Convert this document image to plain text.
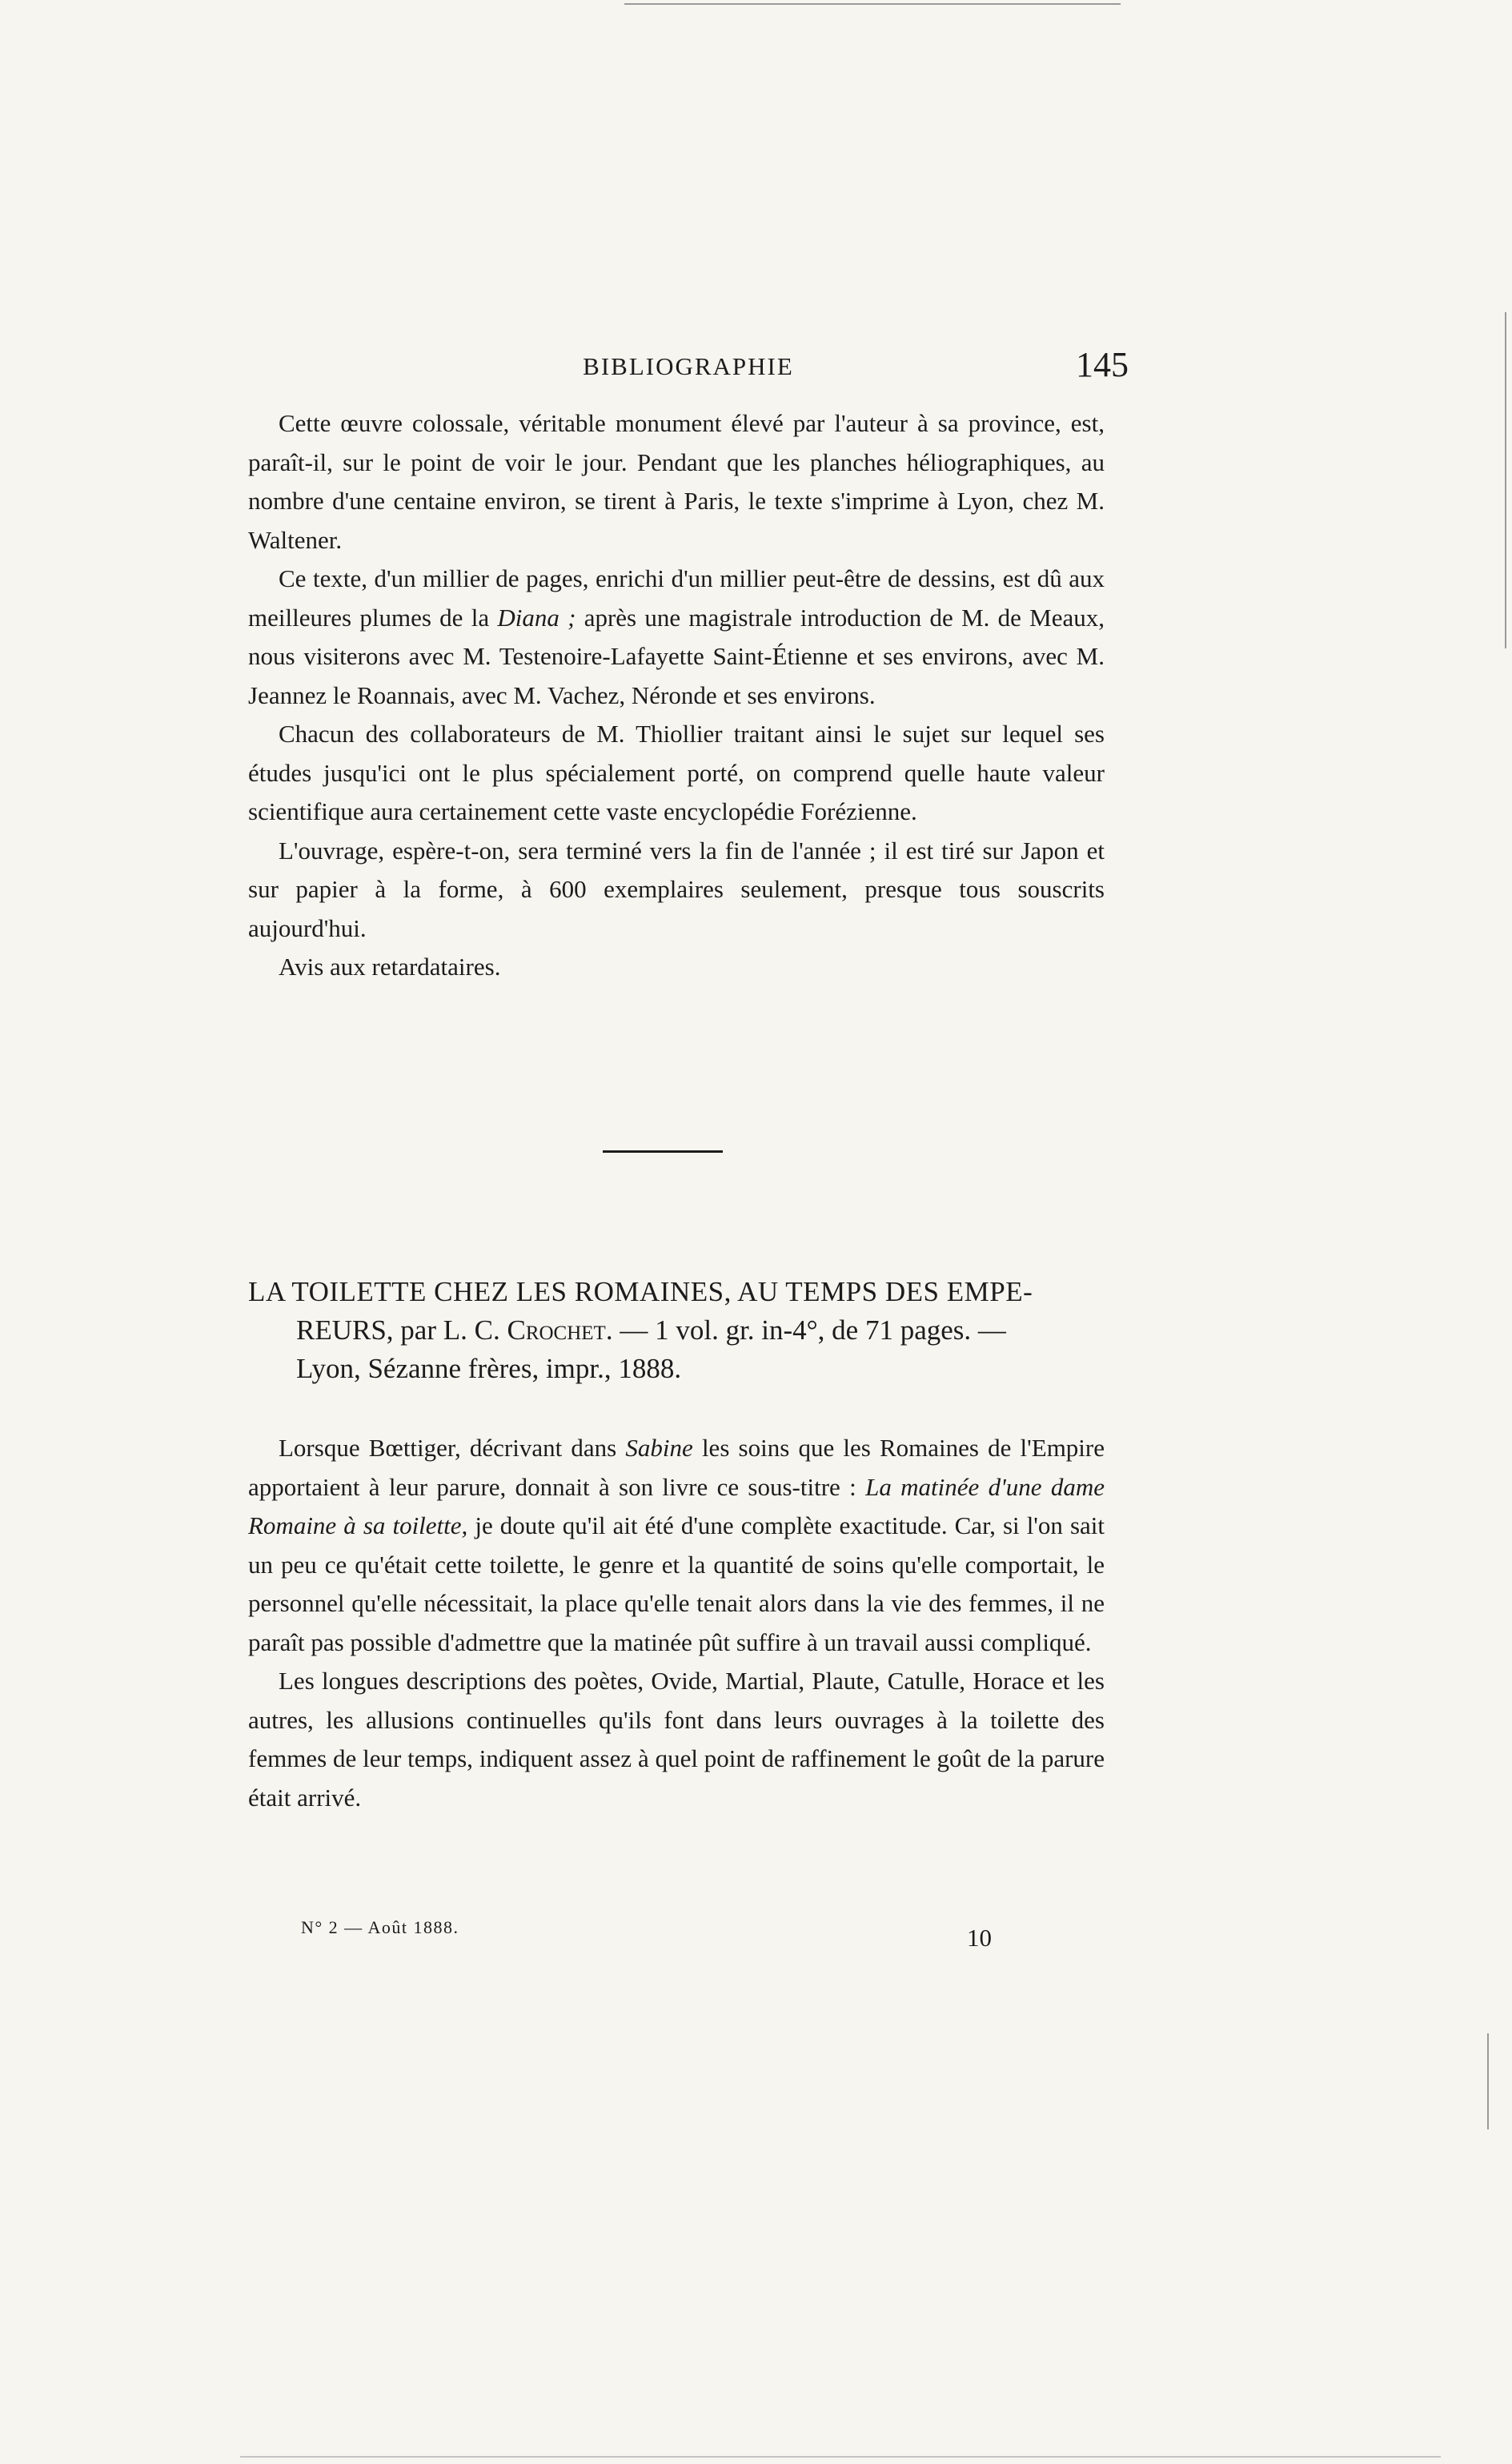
BIBLIOGRAPHIE	145

Cette œuvre colossale, véritable monument élevé par l'auteur à sa province, est, paraît-il, sur le point de voir le jour. Pendant que les planches héliographiques, au nombre d'une centaine environ, se tirent à Paris, le texte s'imprime à Lyon, chez M. Waltener.

Ce texte, d'un millier de pages, enrichi d'un millier peut-être de dessins, est dû aux meilleures plumes de la Diana ; après une magistrale introduction de M. de Meaux, nous visiterons avec M. Testenoire-Lafayette Saint-Étienne et ses environs, avec M. Jeannez le Roannais, avec M. Vachez, Néronde et ses environs.

Chacun des collaborateurs de M. Thiollier traitant ainsi le sujet sur lequel ses études jusqu'ici ont le plus spécialement porté, on comprend quelle haute valeur scientifique aura certainement cette vaste encyclopédie Forézienne.

L'ouvrage, espère-t-on, sera terminé vers la fin de l'année ; il est tiré sur Japon et sur papier à la forme, à 600 exemplaires seulement, presque tous souscrits aujourd'hui.

Avis aux retardataires.

LA TOILETTE CHEZ LES ROMAINES, AU TEMPS DES EMPE-
REURS, par L. C. Crochet. — 1 vol. gr. in-4°, de 71 pages. —
Lyon, Sézanne frères, impr., 1888.

Lorsque Bœttiger, décrivant dans Sabine les soins que les Romaines de l'Empire apportaient à leur parure, donnait à son livre ce sous-titre : La matinée d'une dame Romaine à sa toilette, je doute qu'il ait été d'une complète exactitude. Car, si l'on sait un peu ce qu'était cette toilette, le genre et la quantité de soins qu'elle comportait, le personnel qu'elle nécessitait, la place qu'elle tenait alors dans la vie des femmes, il ne paraît pas possible d'admettre que la matinée pût suffire à un travail aussi compliqué.

Les longues descriptions des poètes, Ovide, Martial, Plaute, Catulle, Horace et les autres, les allusions continuelles qu'ils font dans leurs ouvrages à la toilette des femmes de leur temps, indiquent assez à quel point de raffinement le goût de la parure était arrivé.

N° 2 — Août 1888.	10
